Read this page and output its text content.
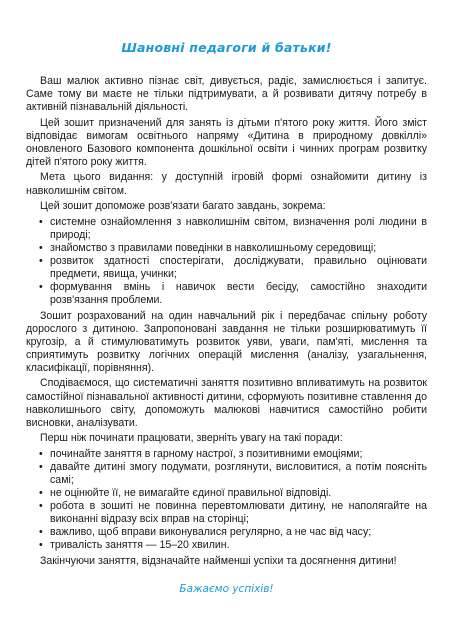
Шановні педагоги й батьки!

Ваш малюк активно пізнає світ, дивується, радіє, замислюється і запитує. Саме тому ви маєте не тільки підтримувати, а й розвивати дитячу потребу в активній пізнавальній діяльності.

Цей зошит призначений для занять із дітьми п'ятого року життя. Його зміст відповідає вимогам освітнього напряму «Дитина в природному довкіллі» оновленого Базового компонента дошкільної освіти і чинних програм розвитку дітей п'ятого року життя.

Мета цього видання: у доступній ігровій формі ознайомити дитину із навколишнім світом.

Цей зошит допоможе розв'язати багато завдань, зокрема:

• системне ознайомлення з навколишнім світом, визначення ролі людини в природі;
• знайомство з правилами поведінки в навколишньому середовищі;
• розвиток здатності спостерігати, досліджувати, правильно оцінювати предмети, явища, учинки;
• формування вмінь і навичок вести бесіду, самостійно знаходити розв'язання проблеми.

Зошит розрахований на один навчальний рік і передбачає спільну роботу дорослого з дитиною. Запропоновані завдання не тільки розширюватимуть її кругозір, а й стимулюватимуть розвиток уяви, уваги, пам'яті, мислення та сприятимуть розвитку логічних операцій мислення (аналізу, узагальнення, класифікації, порівняння).

Сподіваємося, що систематичні заняття позитивно впливатимуть на розвиток самостійної пізнавальної активності дитини, сформують позитивне ставлення до навколишнього світу, допоможуть малюкові навчитися самостійно робити висновки, аналізувати.

Перш ніж починати працювати, зверніть увагу на такі поради:

• починайте заняття в гарному настрої, з позитивними емоціями;
• давайте дитині змогу подумати, розглянути, висловитися, а потім поясніть самі;
• не оцінюйте її, не вимагайте єдиної правильної відповіді.
• робота в зошиті не повинна перевтомлювати дитину, не наполягайте на виконанні відразу всіх вправ на сторінці;
• важливо, щоб вправи виконувалися регулярно, а не час від часу;
• тривалість заняття — 15–20 хвилин.

Закінчуючи заняття, відзначайте найменші успіхи та досягнення дитини!

Бажаємо успіхів!
